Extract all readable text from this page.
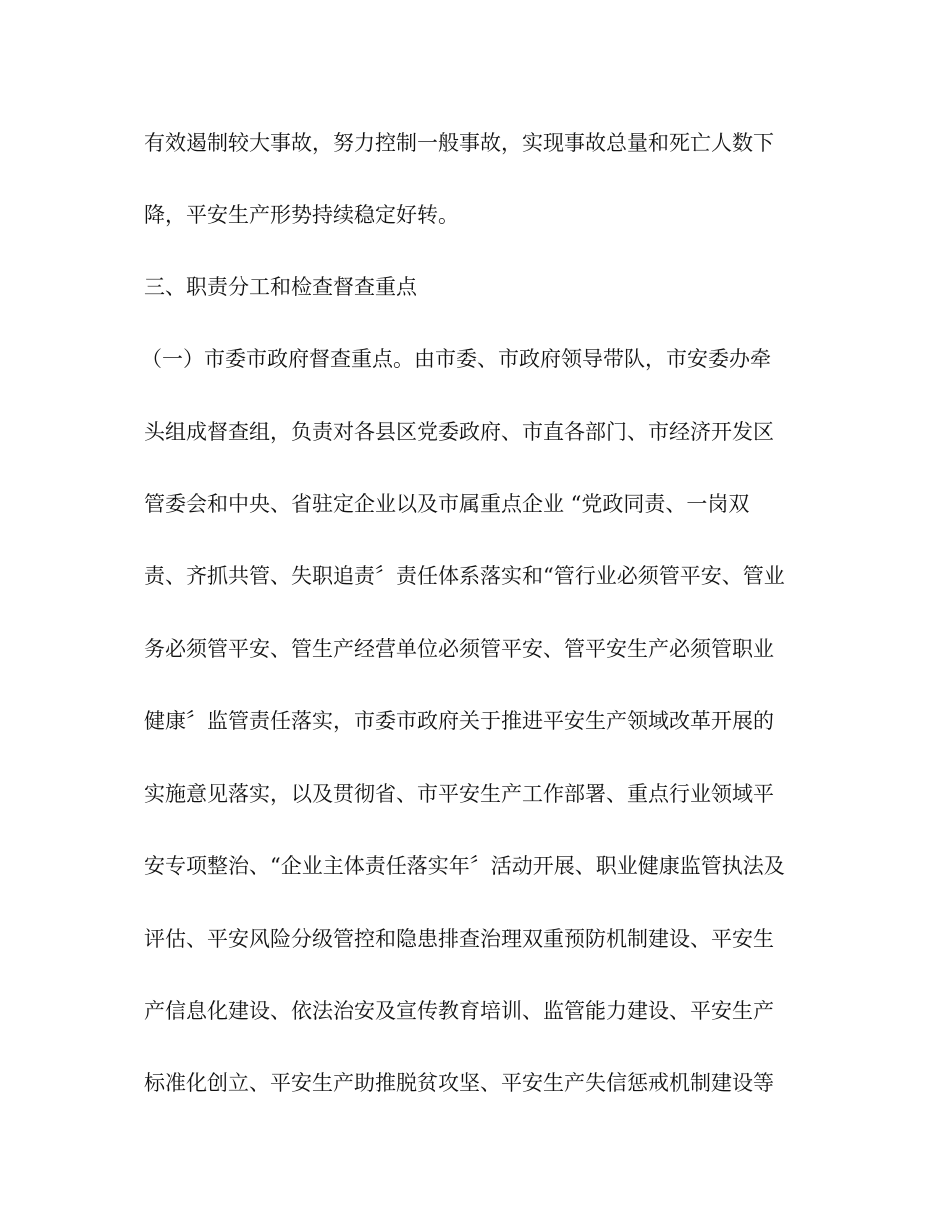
有效遏制较大事故，努力控制一般事故，实现事故总量和死亡人数下
降，平安生产形势持续稳定好转。
三、职责分工和检查督查重点
（一）市委市政府督查重点。由市委、市政府领导带队，市安委办牵
头组成督查组，负责对各县区党委政府、市直各部门、市经济开发区
管委会和中央、省驻定企业以及市属重点企业 “党政同责、一岗双
责、齐抓共管、失职追责〞责任体系落实和“管行业必须管平安、管业
务必须管平安、管生产经营单位必须管平安、管平安生产必须管职业
健康〞监管责任落实，市委市政府关于推进平安生产领域改革开展的
实施意见落实，以及贯彻省、市平安生产工作部署、重点行业领域平
安专项整治、“企业主体责任落实年〞活动开展、职业健康监管执法及
评估、平安风险分级管控和隐患排查治理双重预防机制建设、平安生
产信息化建设、依法治安及宣传教育培训、监管能力建设、平安生产
标准化创立、平安生产助推脱贫攻坚、平安生产失信惩戒机制建设等
